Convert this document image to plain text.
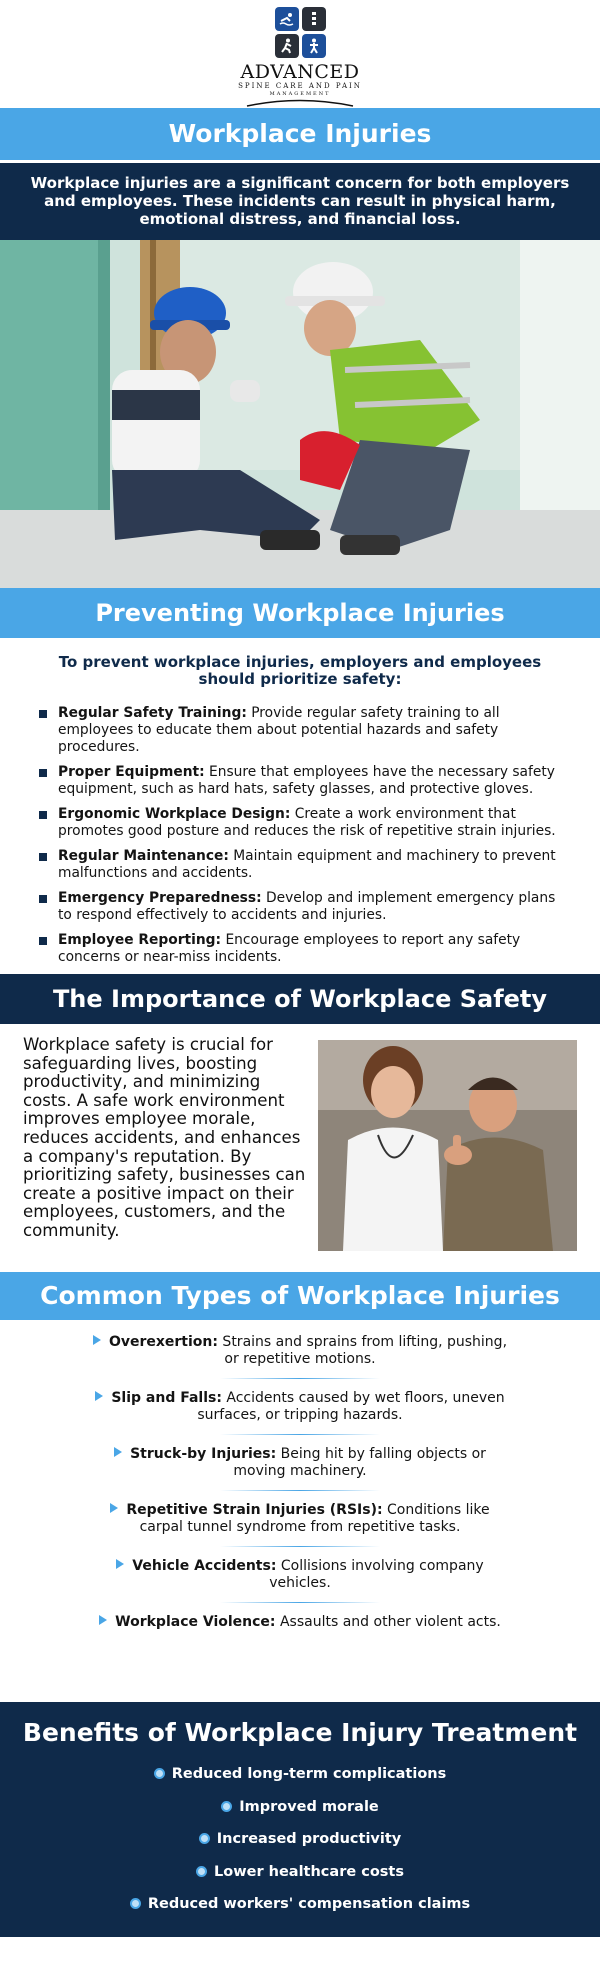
ADVANCED
SPINE CARE AND PAIN
MANAGEMENT
Workplace Injuries
Workplace injuries are a significant concern for both employers and employees. These incidents can result in physical harm, emotional distress, and financial loss.
Preventing Workplace Injuries
To prevent workplace injuries, employers and employees should prioritize safety:
Regular Safety Training: Provide regular safety training to all employees to educate them about potential hazards and safety procedures.
Proper Equipment: Ensure that employees have the necessary safety equipment, such as hard hats, safety glasses, and protective gloves.
Ergonomic Workplace Design: Create a work environment that promotes good posture and reduces the risk of repetitive strain injuries.
Regular Maintenance: Maintain equipment and machinery to prevent malfunctions and accidents.
Emergency Preparedness: Develop and implement emergency plans to respond effectively to accidents and injuries.
Employee Reporting: Encourage employees to report any safety concerns or near-miss incidents.
The Importance of Workplace Safety
Workplace safety is crucial for safeguarding lives, boosting productivity, and minimizing costs. A safe work environment improves employee morale, reduces accidents, and enhances a company's reputation. By prioritizing safety, businesses can create a positive impact on their employees, customers, and the community.
Common Types of Workplace Injuries
Overexertion: Strains and sprains from lifting, pushing, or repetitive motions.
Slip and Falls: Accidents caused by wet floors, uneven surfaces, or tripping hazards.
Struck-by Injuries: Being hit by falling objects or moving machinery.
Repetitive Strain Injuries (RSIs): Conditions like carpal tunnel syndrome from repetitive tasks.
Vehicle Accidents: Collisions involving company vehicles.
Workplace Violence: Assaults and other violent acts.
Benefits of Workplace Injury Treatment
Reduced long-term complications
Improved morale
Increased productivity
Lower healthcare costs
Reduced workers' compensation claims
